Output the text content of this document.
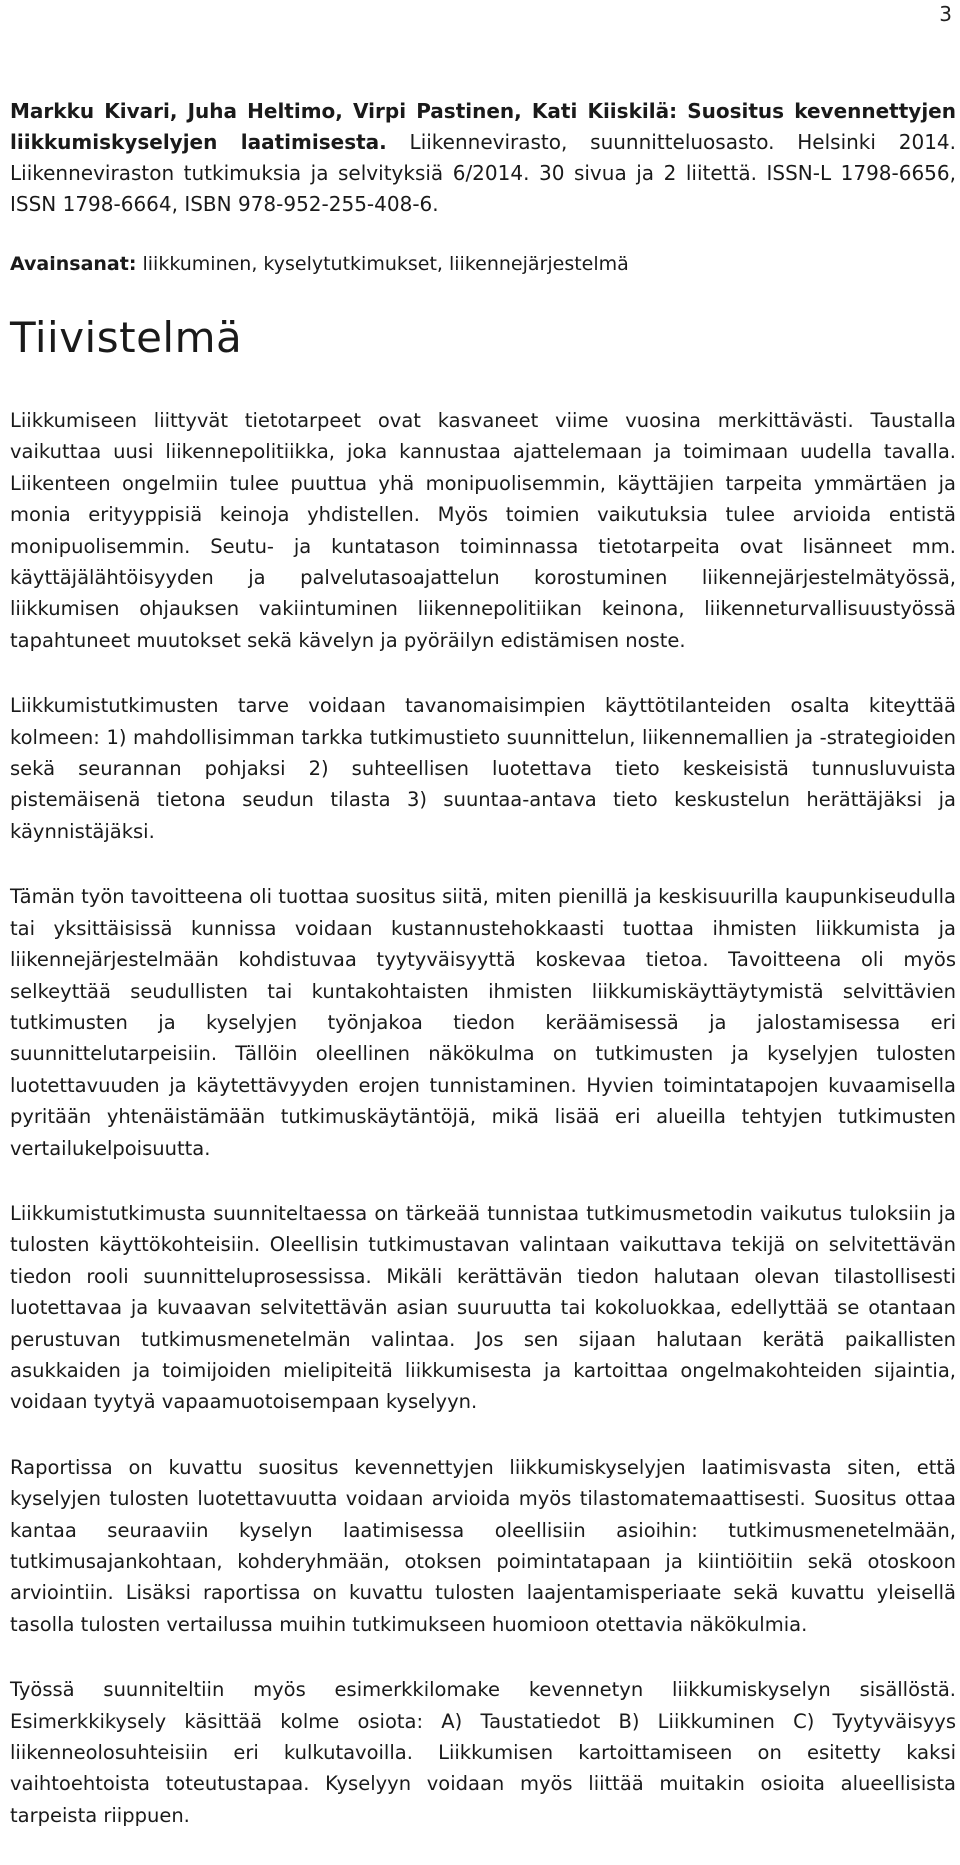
3

Markku Kivari, Juha Heltimo, Virpi Pastinen, Kati Kiiskilä: Suositus kevennettyjen liikkumiskyselyjen laatimisesta. Liikennevirasto, suunnitteluosasto. Helsinki 2014. Liikenneviraston tutkimuksia ja selvityksiä 6/2014. 30 sivua ja 2 liitettä. ISSN-L 1798-6656, ISSN 1798-6664, ISBN 978-952-255-408-6.

Avainsanat: liikkuminen, kyselytutkimukset, liikennejärjestelmä

Tiivistelmä

Liikkumiseen liittyvät tietotarpeet ovat kasvaneet viime vuosina merkittävästi. Taustalla vaikuttaa uusi liikennepolitiikka, joka kannustaa ajattelemaan ja toimimaan uudella tavalla. Liikenteen ongelmiin tulee puuttua yhä monipuolisemmin, käyttäjien tarpeita ymmärtäen ja monia erityyppisiä keinoja yhdistellen. Myös toimien vaikutuksia tulee arvioida entistä monipuolisemmin. Seutu- ja kuntatason toiminnassa tietotarpeita ovat lisänneet mm. käyttäjälähtöisyyden ja palvelutasoajattelun korostuminen liikennejärjestelmätyössä, liikkumisen ohjauksen vakiintuminen liikennepolitiikan keinona, liikenneturvallisuustyössä tapahtuneet muutokset sekä kävelyn ja pyöräilyn edistämisen noste.

Liikkumistutkimusten tarve voidaan tavanomaisimpien käyttötilanteiden osalta kiteyttää kolmeen: 1) mahdollisimman tarkka tutkimustieto suunnittelun, liikennemallien ja -strategioiden sekä seurannan pohjaksi 2) suhteellisen luotettava tieto keskeisistä tunnusluvuista pistemäisenä tietona seudun tilasta 3) suuntaa-antava tieto keskustelun herättäjäksi ja käynnistäjäksi.

Tämän työn tavoitteena oli tuottaa suositus siitä, miten pienillä ja keskisuurilla kaupunkiseudulla tai yksittäisissä kunnissa voidaan kustannustehokkaasti tuottaa ihmisten liikkumista ja liikennejärjestelmään kohdistuvaa tyytyväisyyttä koskevaa tietoa. Tavoitteena oli myös selkeyttää seudullisten tai kuntakohtaisten ihmisten liikkumiskäyttäytymistä selvittävien tutkimusten ja kyselyjen työnjakoa tiedon keräämisessä ja jalostamisessa eri suunnittelutarpeisiin. Tällöin oleellinen näkökulma on tutkimusten ja kyselyjen tulosten luotettavuuden ja käytettävyyden erojen tunnistaminen. Hyvien toimintatapojen kuvaamisella pyritään yhtenäistämään tutkimuskäytäntöjä, mikä lisää eri alueilla tehtyjen tutkimusten vertailukelpoisuutta.

Liikkumistutkimusta suunniteltaessa on tärkeää tunnistaa tutkimusmetodin vaikutus tuloksiin ja tulosten käyttökohteisiin. Oleellisin tutkimustavan valintaan vaikuttava tekijä on selvitettävän tiedon rooli suunnitteluprosessissa. Mikäli kerättävän tiedon halutaan olevan tilastollisesti luotettavaa ja kuvaavan selvitettävän asian suuruutta tai kokoluokkaa, edellyttää se otantaan perustuvan tutkimusmenetelmän valintaa. Jos sen sijaan halutaan kerätä paikallisten asukkaiden ja toimijoiden mielipiteitä liikkumisesta ja kartoittaa ongelmakohteiden sijaintia, voidaan tyytyä vapaamuotoisempaan kyselyyn.

Raportissa on kuvattu suositus kevennettyjen liikkumiskyselyjen laatimisvasta siten, että kyselyjen tulosten luotettavuutta voidaan arvioida myös tilastomatemaattisesti. Suositus ottaa kantaa seuraaviin kyselyn laatimisessa oleellisiin asioihin: tutkimusmenetelmään, tutkimusajankohtaan, kohderyhmään, otoksen poimintatapaan ja kiintiöitiin sekä otoskoon arviointiin. Lisäksi raportissa on kuvattu tulosten laajentamisperiaate sekä kuvattu yleisellä tasolla tulosten vertailussa muihin tutkimukseen huomioon otettavia näkökulmia.

Työssä suunniteltiin myös esimerkkilomake kevennetyn liikkumiskyselyn sisällöstä. Esimerkkikysely käsittää kolme osiota: A) Taustatiedot B) Liikkuminen C) Tyytyväisyys liikenneolosuhteisiin eri kulkutavoilla. Liikkumisen kartoittamiseen on esitetty kaksi vaihtoehtoista toteutustapaa. Kyselyyn voidaan myös liittää muitakin osioita alueellisista tarpeista riippuen.
